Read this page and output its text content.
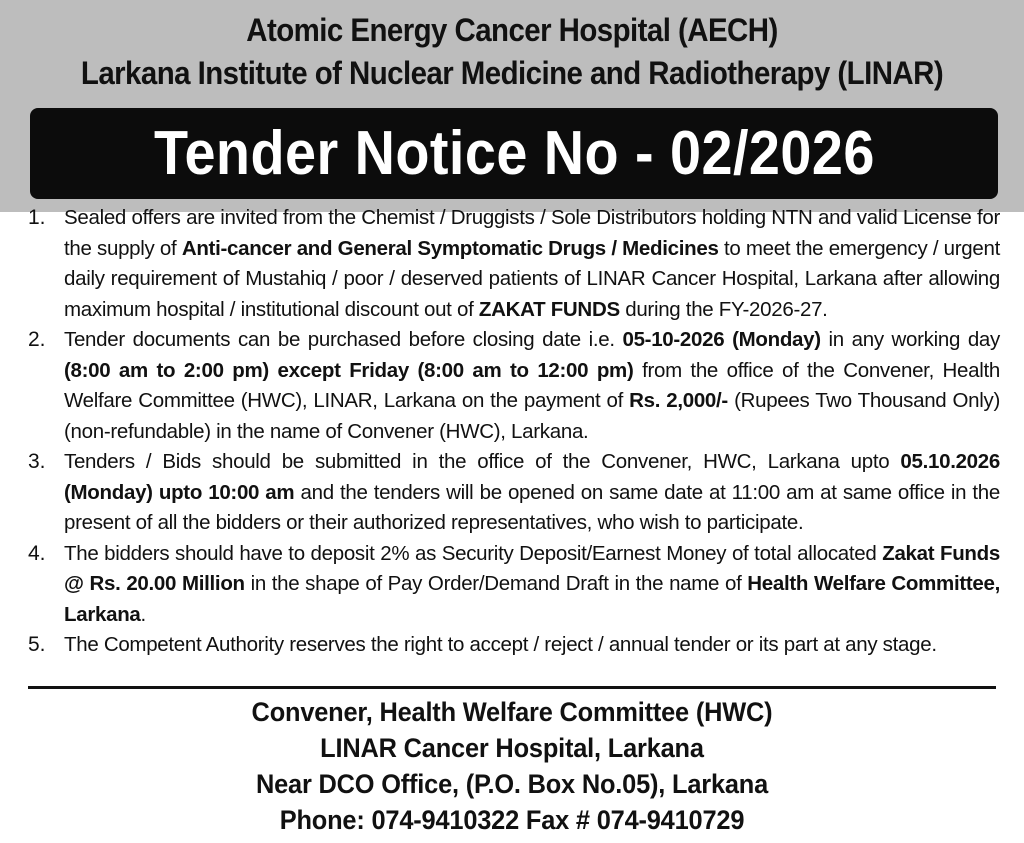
Atomic Energy Cancer Hospital (AECH)
Larkana Institute of Nuclear Medicine and Radiotherapy (LINAR)
Tender Notice No - 02/2026
1. Sealed offers are invited from the Chemist / Druggists / Sole Distributors holding NTN and valid License for the supply of Anti-cancer and General Symptomatic Drugs / Medicines to meet the emergency / urgent daily requirement of Mustahiq / poor / deserved patients of LINAR Cancer Hospital, Larkana after allowing maximum hospital / institutional discount out of ZAKAT FUNDS during the FY-2026-27.
2. Tender documents can be purchased before closing date i.e. 05-10-2026 (Monday) in any working day (8:00 am to 2:00 pm) except Friday (8:00 am to 12:00 pm) from the office of the Convener, Health Welfare Committee (HWC), LINAR, Larkana on the payment of Rs. 2,000/- (Rupees Two Thousand Only) (non-refundable) in the name of Convener (HWC), Larkana.
3. Tenders / Bids should be submitted in the office of the Convener, HWC, Larkana upto 05.10.2026 (Monday) upto 10:00 am and the tenders will be opened on same date at 11:00 am at same office in the present of all the bidders or their authorized representatives, who wish to participate.
4. The bidders should have to deposit 2% as Security Deposit/Earnest Money of total allocated Zakat Funds @ Rs. 20.00 Million in the shape of Pay Order/Demand Draft in the name of Health Welfare Committee, Larkana.
5. The Competent Authority reserves the right to accept / reject / annual tender or its part at any stage.
Convener, Health Welfare Committee (HWC)
LINAR Cancer Hospital, Larkana
Near DCO Office, (P.O. Box No.05), Larkana
Phone: 074-9410322 Fax # 074-9410729
